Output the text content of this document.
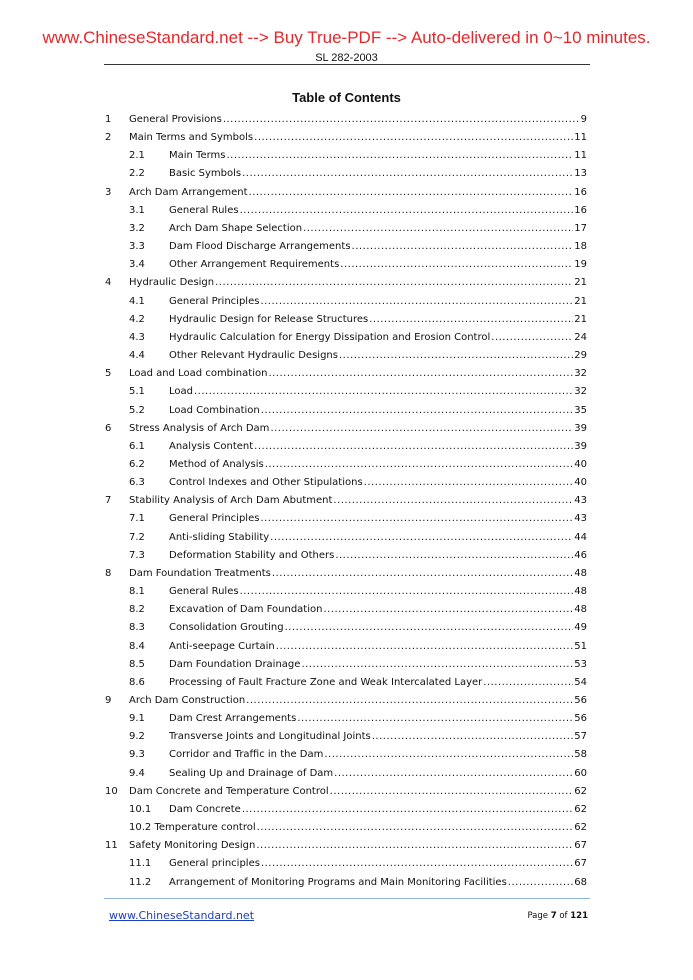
www.ChineseStandard.net --> Buy True-PDF --> Auto-delivered in 0~10 minutes.
SL 282-2003
Table of Contents
1 General Provisions .....	9
2 Main Terms and Symbols .....	11
2.1 Main Terms .....	11
2.2 Basic Symbols .....	13
3 Arch Dam Arrangement .....	16
3.1 General Rules .....	16
3.2 Arch Dam Shape Selection .....	17
3.3 Dam Flood Discharge Arrangements .....	18
3.4 Other Arrangement Requirements .....	19
4 Hydraulic Design .....	21
4.1 General Principles .....	21
4.2 Hydraulic Design for Release Structures .....	21
4.3 Hydraulic Calculation for Energy Dissipation and Erosion Control .....	24
4.4 Other Relevant Hydraulic Designs .....	29
5 Load and Load combination .....	32
5.1 Load .....	32
5.2 Load Combination .....	35
6 Stress Analysis of Arch Dam .....	39
6.1 Analysis Content .....	39
6.2 Method of Analysis .....	40
6.3 Control Indexes and Other Stipulations .....	40
7 Stability Analysis of Arch Dam Abutment .....	43
7.1 General Principles .....	43
7.2 Anti-sliding Stability .....	44
7.3 Deformation Stability and Others .....	46
8 Dam Foundation Treatments .....	48
8.1 General Rules .....	48
8.2 Excavation of Dam Foundation .....	48
8.3 Consolidation Grouting .....	49
8.4 Anti-seepage Curtain .....	51
8.5 Dam Foundation Drainage .....	53
8.6 Processing of Fault Fracture Zone and Weak Intercalated Layer .....	54
9 Arch Dam Construction .....	56
9.1 Dam Crest Arrangements .....	56
9.2 Transverse Joints and Longitudinal Joints .....	57
9.3 Corridor and Traffic in the Dam .....	58
9.4 Sealing Up and Drainage of Dam .....	60
10 Dam Concrete and Temperature Control .....	62
10.1 Dam Concrete .....	62
10.2 Temperature control .....	62
11 Safety Monitoring Design .....	67
11.1 General principles .....	67
11.2 Arrangement of Monitoring Programs and Main Monitoring Facilities .....	68
www.ChineseStandard.net	Page 7 of 121
